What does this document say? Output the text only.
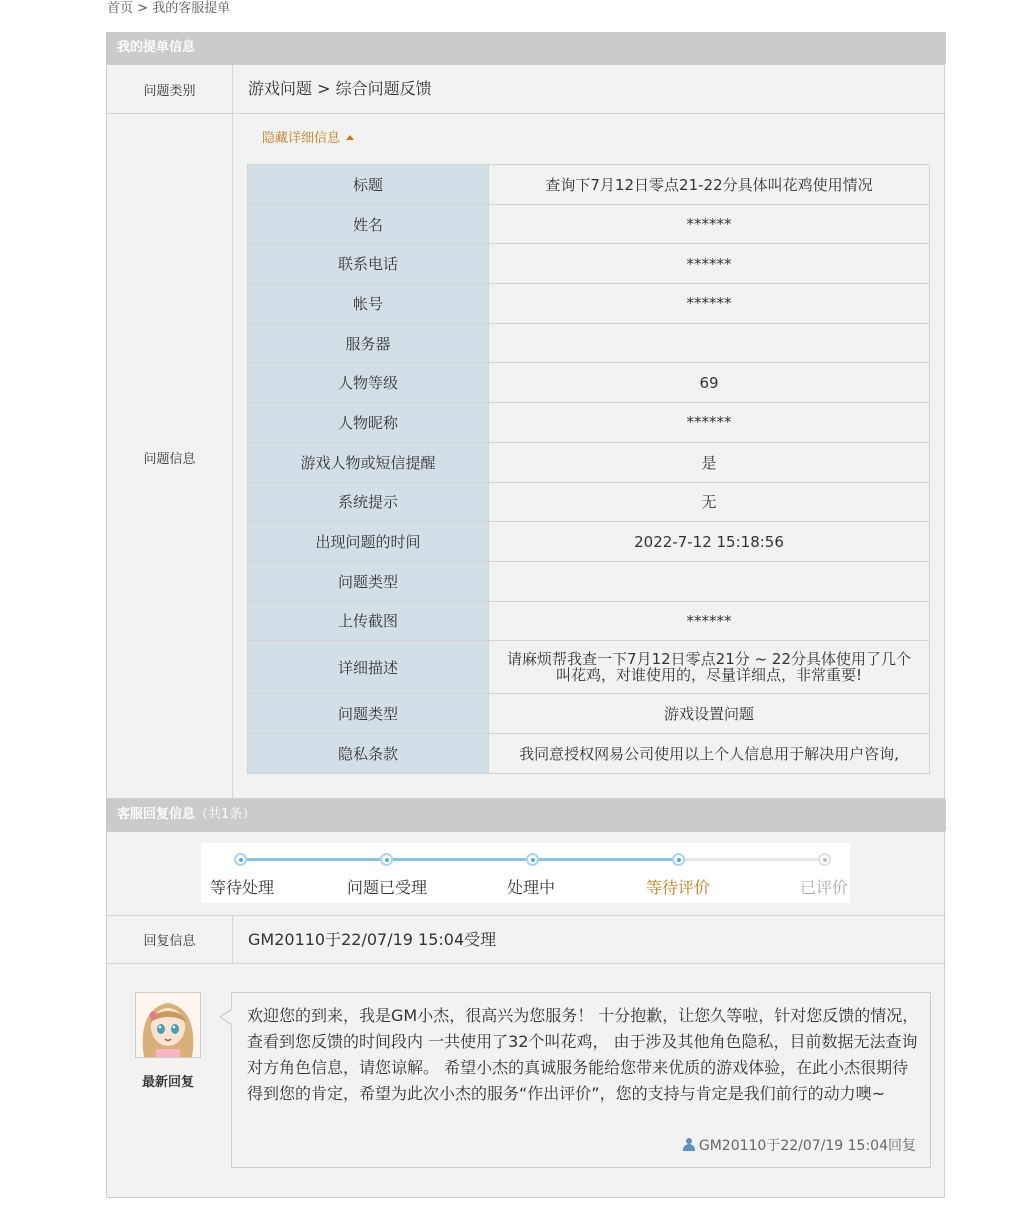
首页 > 我的客服提单
我的提单信息
问题类别	游戏问题 > 综合问题反馈
问题信息
隐藏详细信息
标题	查询下7月12日零点21-22分具体叫花鸡使用情况
姓名	******
联系电话	******
帐号	******
服务器	
人物等级	69
人物昵称	******
游戏人物或短信提醒	是
系统提示	无
出现问题的时间	2022-7-12 15:18:56
问题类型	
上传截图	******
详细描述	请麻烦帮我查一下7月12日零点21分 ~ 22分具体使用了几个叫花鸡，对谁使用的，尽量详细点，非常重要!
问题类型	游戏设置问题
隐私条款	我同意授权网易公司使用以上个人信息用于解决用户咨询,
客服回复信息（共1条）
回复信息	GM20110于22/07/19 15:04受理
等待处理	问题已受理	处理中	等待评价	已评价
最新回复
欢迎您的到来，我是GM小杰，很高兴为您服务！ 十分抱歉，让您久等啦，针对您反馈的情况，查看到您反馈的时间段内 一共使用了32个叫花鸡， 由于涉及其他角色隐私，目前数据无法查询对方角色信息，请您谅解。 希望小杰的真诚服务能给您带来优质的游戏体验，在此小杰很期待得到您的肯定，希望为此次小杰的服务“作出评价”，您的支持与肯定是我们前行的动力噢~
GM20110于22/07/19 15:04回复
